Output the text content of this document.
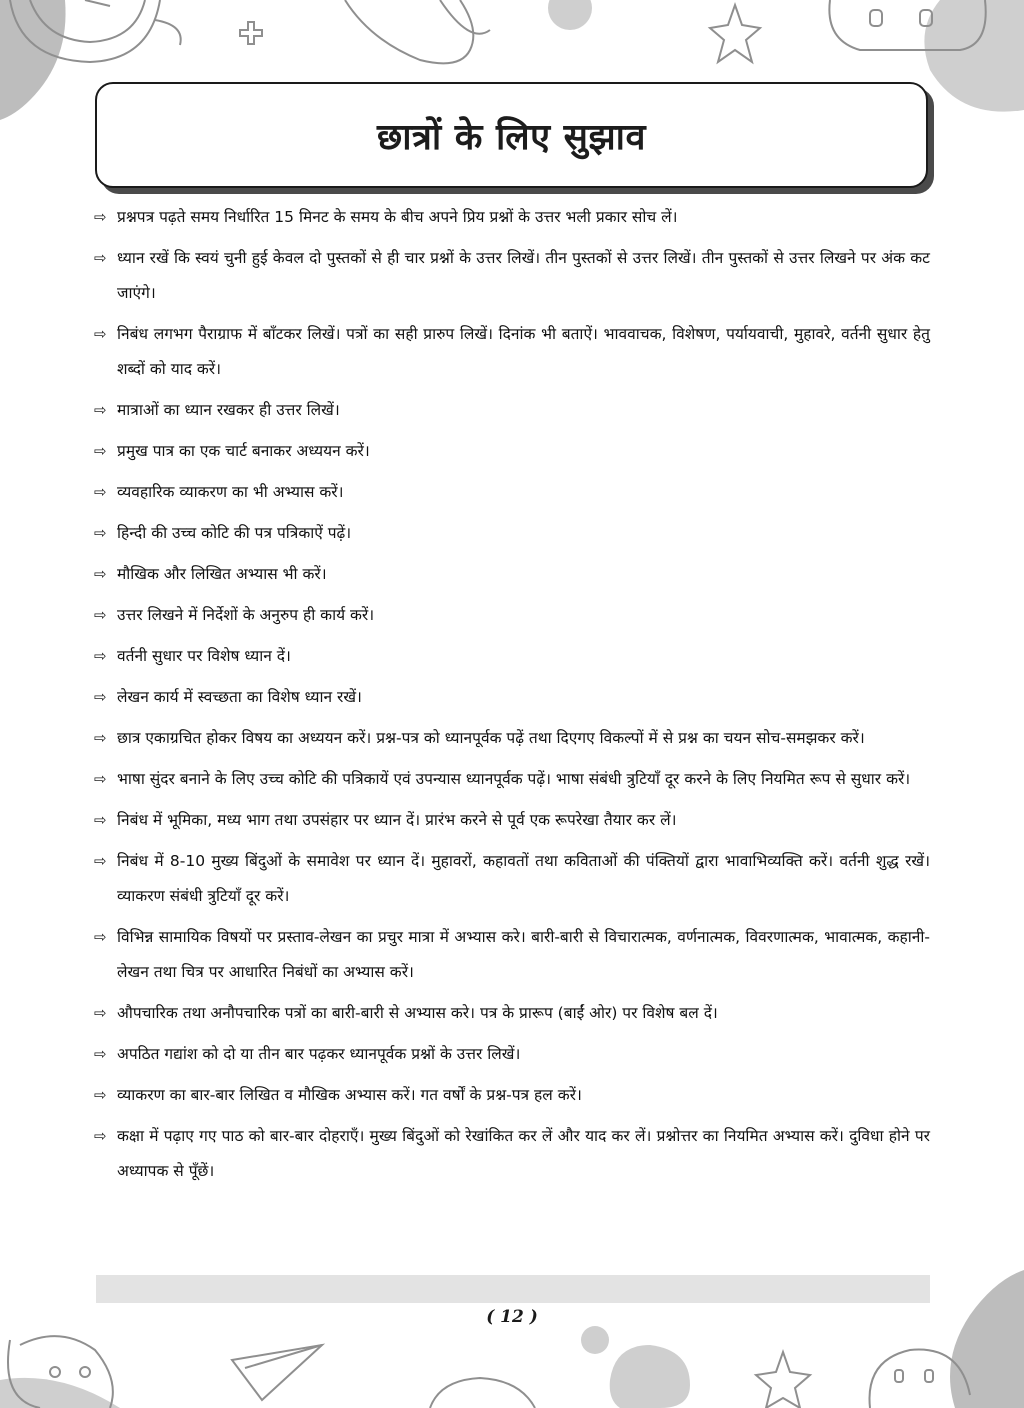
छात्रों के लिए सुझाव
⇨ प्रश्नपत्र पढ़ते समय निर्धारित 15 मिनट के समय के बीच अपने प्रिय प्रश्नों के उत्तर भली प्रकार सोच लें।
⇨ ध्यान रखें कि स्वयं चुनी हुई केवल दो पुस्तकों से ही चार प्रश्नों के उत्तर लिखें। तीन पुस्तकों से उत्तर लिखें। तीन पुस्तकों से उत्तर लिखने पर अंक कट जाएंगे।
⇨ निबंध लगभग पैराग्राफ में बाँटकर लिखें। पत्रों का सही प्रारुप लिखें। दिनांक भी बताऐं। भाववाचक, विशेषण, पर्यायवाची, मुहावरे, वर्तनी सुधार हेतु शब्दों को याद करें।
⇨ मात्राओं का ध्यान रखकर ही उत्तर लिखें।
⇨ प्रमुख पात्र का एक चार्ट बनाकर अध्ययन करें।
⇨ व्यवहारिक व्याकरण का भी अभ्यास करें।
⇨ हिन्दी की उच्च कोटि की पत्र पत्रिकाऐं पढ़ें।
⇨ मौखिक और लिखित अभ्यास भी करें।
⇨ उत्तर लिखने में निर्देशों के अनुरुप ही कार्य करें।
⇨ वर्तनी सुधार पर विशेष ध्यान दें।
⇨ लेखन कार्य में स्वच्छता का विशेष ध्यान रखें।
⇨ छात्र एकाग्रचित होकर विषय का अध्ययन करें। प्रश्न-पत्र को ध्यानपूर्वक पढ़ें तथा दिएगए विकल्पों में से प्रश्न का चयन सोच-समझकर करें।
⇨ भाषा सुंदर बनाने के लिए उच्च कोटि की पत्रिकायें एवं उपन्यास ध्यानपूर्वक पढ़ें। भाषा संबंधी त्रुटियाँ दूर करने के लिए नियमित रूप से सुधार करें।
⇨ निबंध में भूमिका, मध्य भाग तथा उपसंहार पर ध्यान दें। प्रारंभ करने से पूर्व एक रूपरेखा तैयार कर लें।
⇨ निबंध में 8-10 मुख्य बिंदुओं के समावेश पर ध्यान दें। मुहावरों, कहावतों तथा कविताओं की पंक्तियों द्वारा भावाभिव्यक्ति करें। वर्तनी शुद्ध रखें। व्याकरण संबंधी त्रुटियाँ दूर करें।
⇨ विभिन्न सामायिक विषयों पर प्रस्ताव-लेखन का प्रचुर मात्रा में अभ्यास करे। बारी-बारी से विचारात्मक, वर्णनात्मक, विवरणात्मक, भावात्मक, कहानी-लेखन तथा चित्र पर आधारित निबंधों का अभ्यास करें।
⇨ औपचारिक तथा अनौपचारिक पत्रों का बारी-बारी से अभ्यास करे। पत्र के प्रारूप (बाईं ओर) पर विशेष बल दें।
⇨ अपठित गद्यांश को दो या तीन बार पढ़कर ध्यानपूर्वक प्रश्नों के उत्तर लिखें।
⇨ व्याकरण का बार-बार लिखित व मौखिक अभ्यास करें। गत वर्षों के प्रश्न-पत्र हल करें।
⇨ कक्षा में पढ़ाए गए पाठ को बार-बार दोहराएँ। मुख्य बिंदुओं को रेखांकित कर लें और याद कर लें। प्रश्नोत्तर का नियमित अभ्यास करें। दुविधा होने पर अध्यापक से पूँछें।
( 12 )
